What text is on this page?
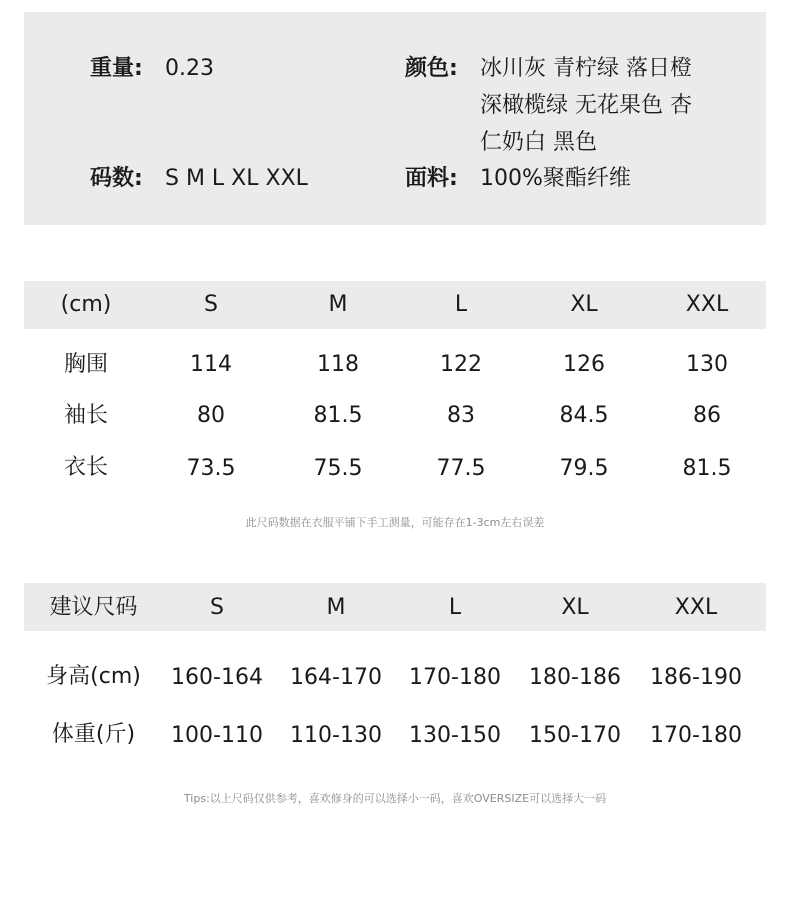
重量: 0.23	颜色: 冰川灰 青柠绿 落日橙 深橄榄绿 无花果色 杏仁奶白 黑色
码数: S M L XL XXL	面料: 100%聚酯纤维
(cm)	S	M	L	XL	XXL
胸围	114	118	122	126	130
袖长	80	81.5	83	84.5	86
衣长	73.5	75.5	77.5	79.5	81.5
此尺码数据在衣服平铺下手工测量，可能存在1-3cm左右误差
建议尺码	S	M	L	XL	XXL
身高(cm)	160-164	164-170	170-180	180-186	186-190
体重(斤)	100-110	110-130	130-150	150-170	170-180
Tips:以上尺码仅供参考，喜欢修身的可以选择小一码，喜欢OVERSIZE可以选择大一码
